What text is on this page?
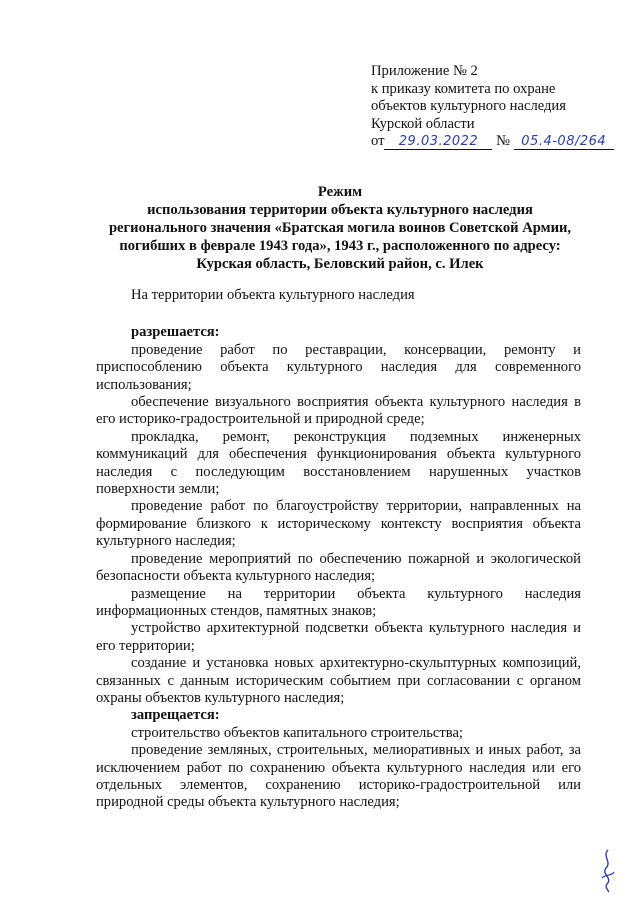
Приложение № 2
к приказу комитета по охране
объектов культурного наследия
Курской области
от 29.03.2022 № 05.4-08/264
Режим
использования территории объекта культурного наследия
регионального значения «Братская могила воинов Советской Армии,
погибших в феврале 1943 года», 1943 г., расположенного по адресу:
Курская область, Беловский район, с. Илек

На территории объекта культурного наследия

разрешается:

проведение работ по реставрации, консервации, ремонту и приспособлению объекта культурного наследия для современного использования;

обеспечение визуального восприятия объекта культурного наследия в его историко-градостроительной и природной среде;

прокладка, ремонт, реконструкция подземных инженерных коммуникаций для обеспечения функционирования объекта культурного наследия с последующим восстановлением нарушенных участков поверхности земли;

проведение работ по благоустройству территории, направленных на формирование близкого к историческому контексту восприятия объекта культурного наследия;

проведение мероприятий по обеспечению пожарной и экологической безопасности объекта культурного наследия;

размещение на территории объекта культурного наследия информационных стендов, памятных знаков;

устройство архитектурной подсветки объекта культурного наследия и его территории;

создание и установка новых архитектурно-скульптурных композиций, связанных с данным историческим событием при согласовании с органом охраны объектов культурного наследия;

запрещается:

строительство объектов капитального строительства;

проведение земляных, строительных, мелиоративных и иных работ, за исключением работ по сохранению объекта культурного наследия или его отдельных элементов, сохранению историко-градостроительной или природной среды объекта культурного наследия;
